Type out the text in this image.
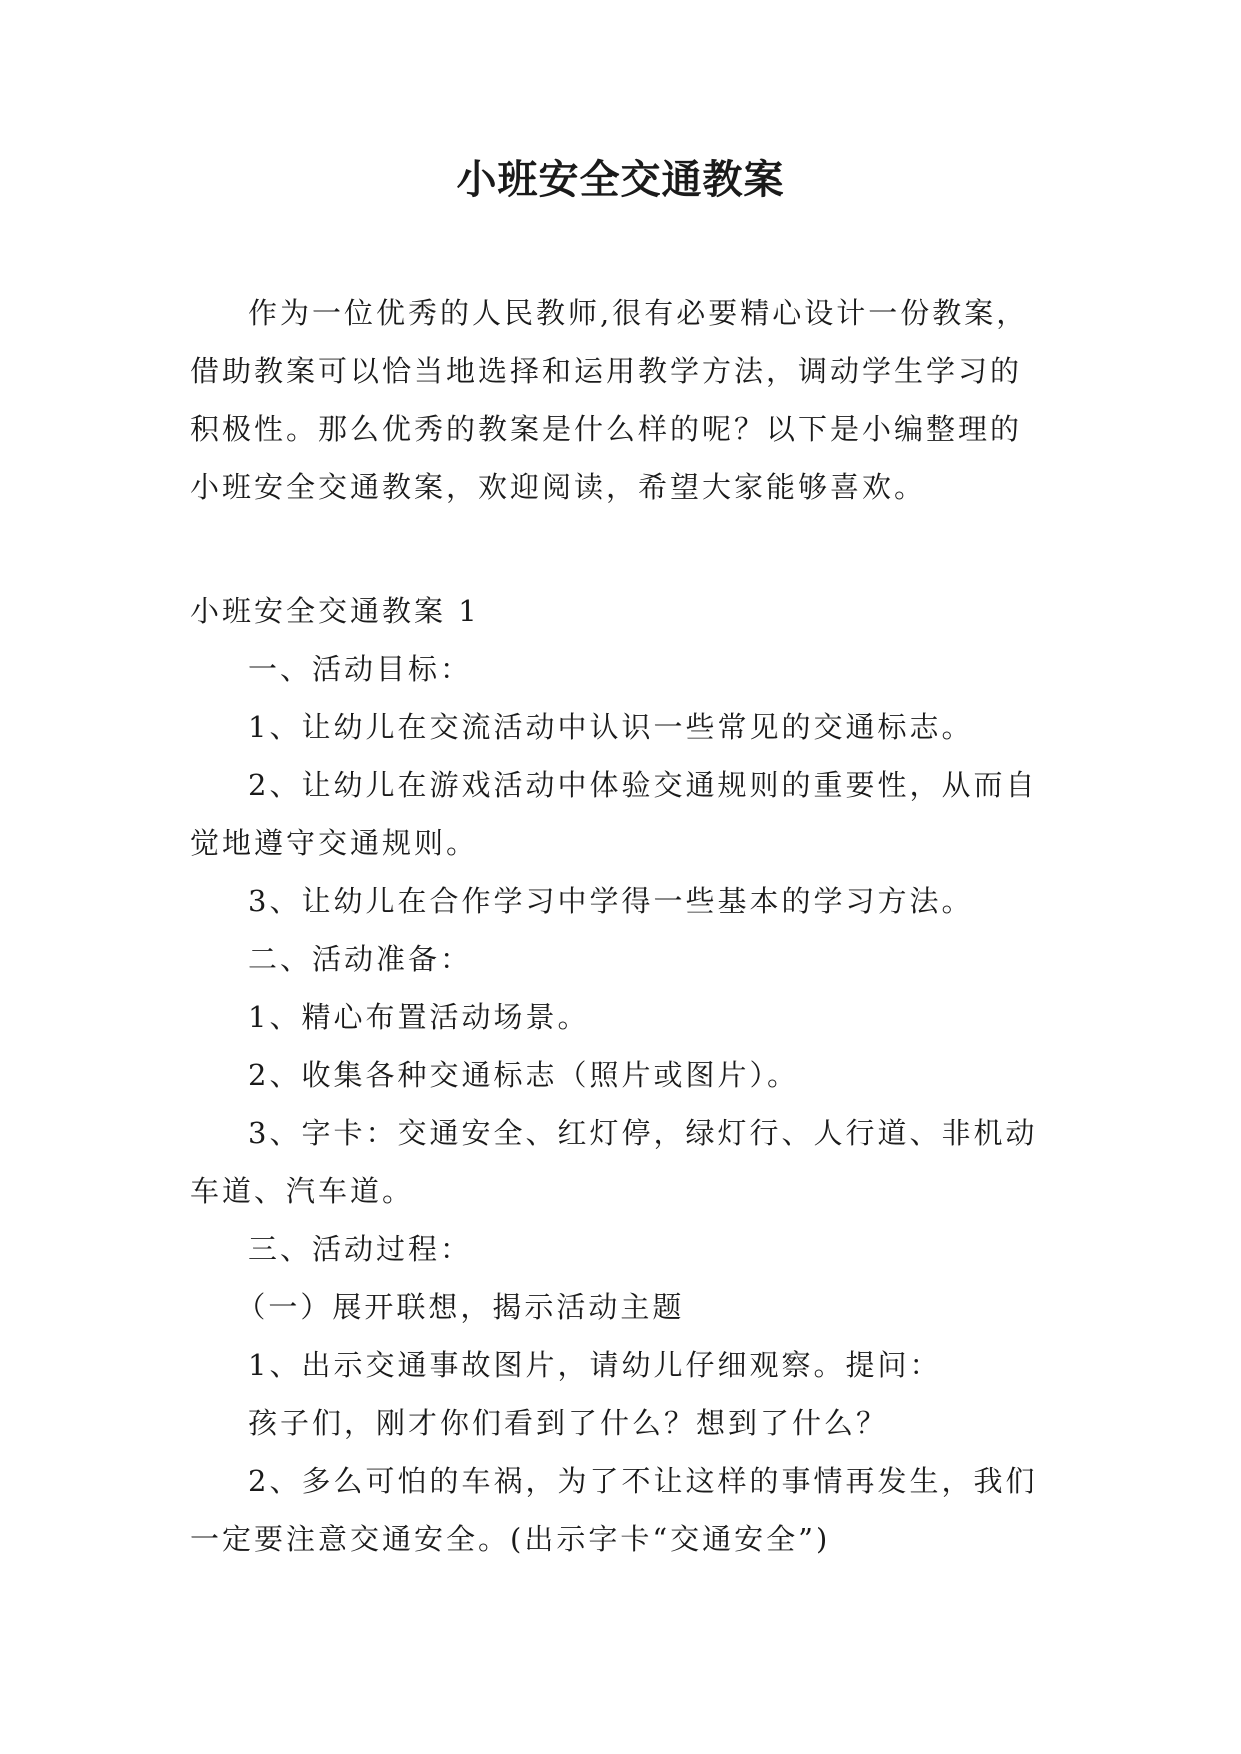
小班安全交通教案

作为一位优秀的人民教师,很有必要精心设计一份教案，借助教案可以恰当地选择和运用教学方法，调动学生学习的积极性。那么优秀的教案是什么样的呢？以下是小编整理的小班安全交通教案，欢迎阅读，希望大家能够喜欢。

小班安全交通教案 1

一、活动目标：

1、让幼儿在交流活动中认识一些常见的交通标志。

2、让幼儿在游戏活动中体验交通规则的重要性，从而自觉地遵守交通规则。

3、让幼儿在合作学习中学得一些基本的学习方法。

二、活动准备：

1、精心布置活动场景。

2、收集各种交通标志（照片或图片）。

3、字卡：交通安全、红灯停，绿灯行、人行道、非机动车道、汽车道。

三、活动过程：

（一）展开联想，揭示活动主题

1、出示交通事故图片，请幼儿仔细观察。提问：

孩子们，刚才你们看到了什么？想到了什么？

2、多么可怕的车祸，为了不让这样的事情再发生，我们一定要注意交通安全。(出示字卡“交通安全”)
